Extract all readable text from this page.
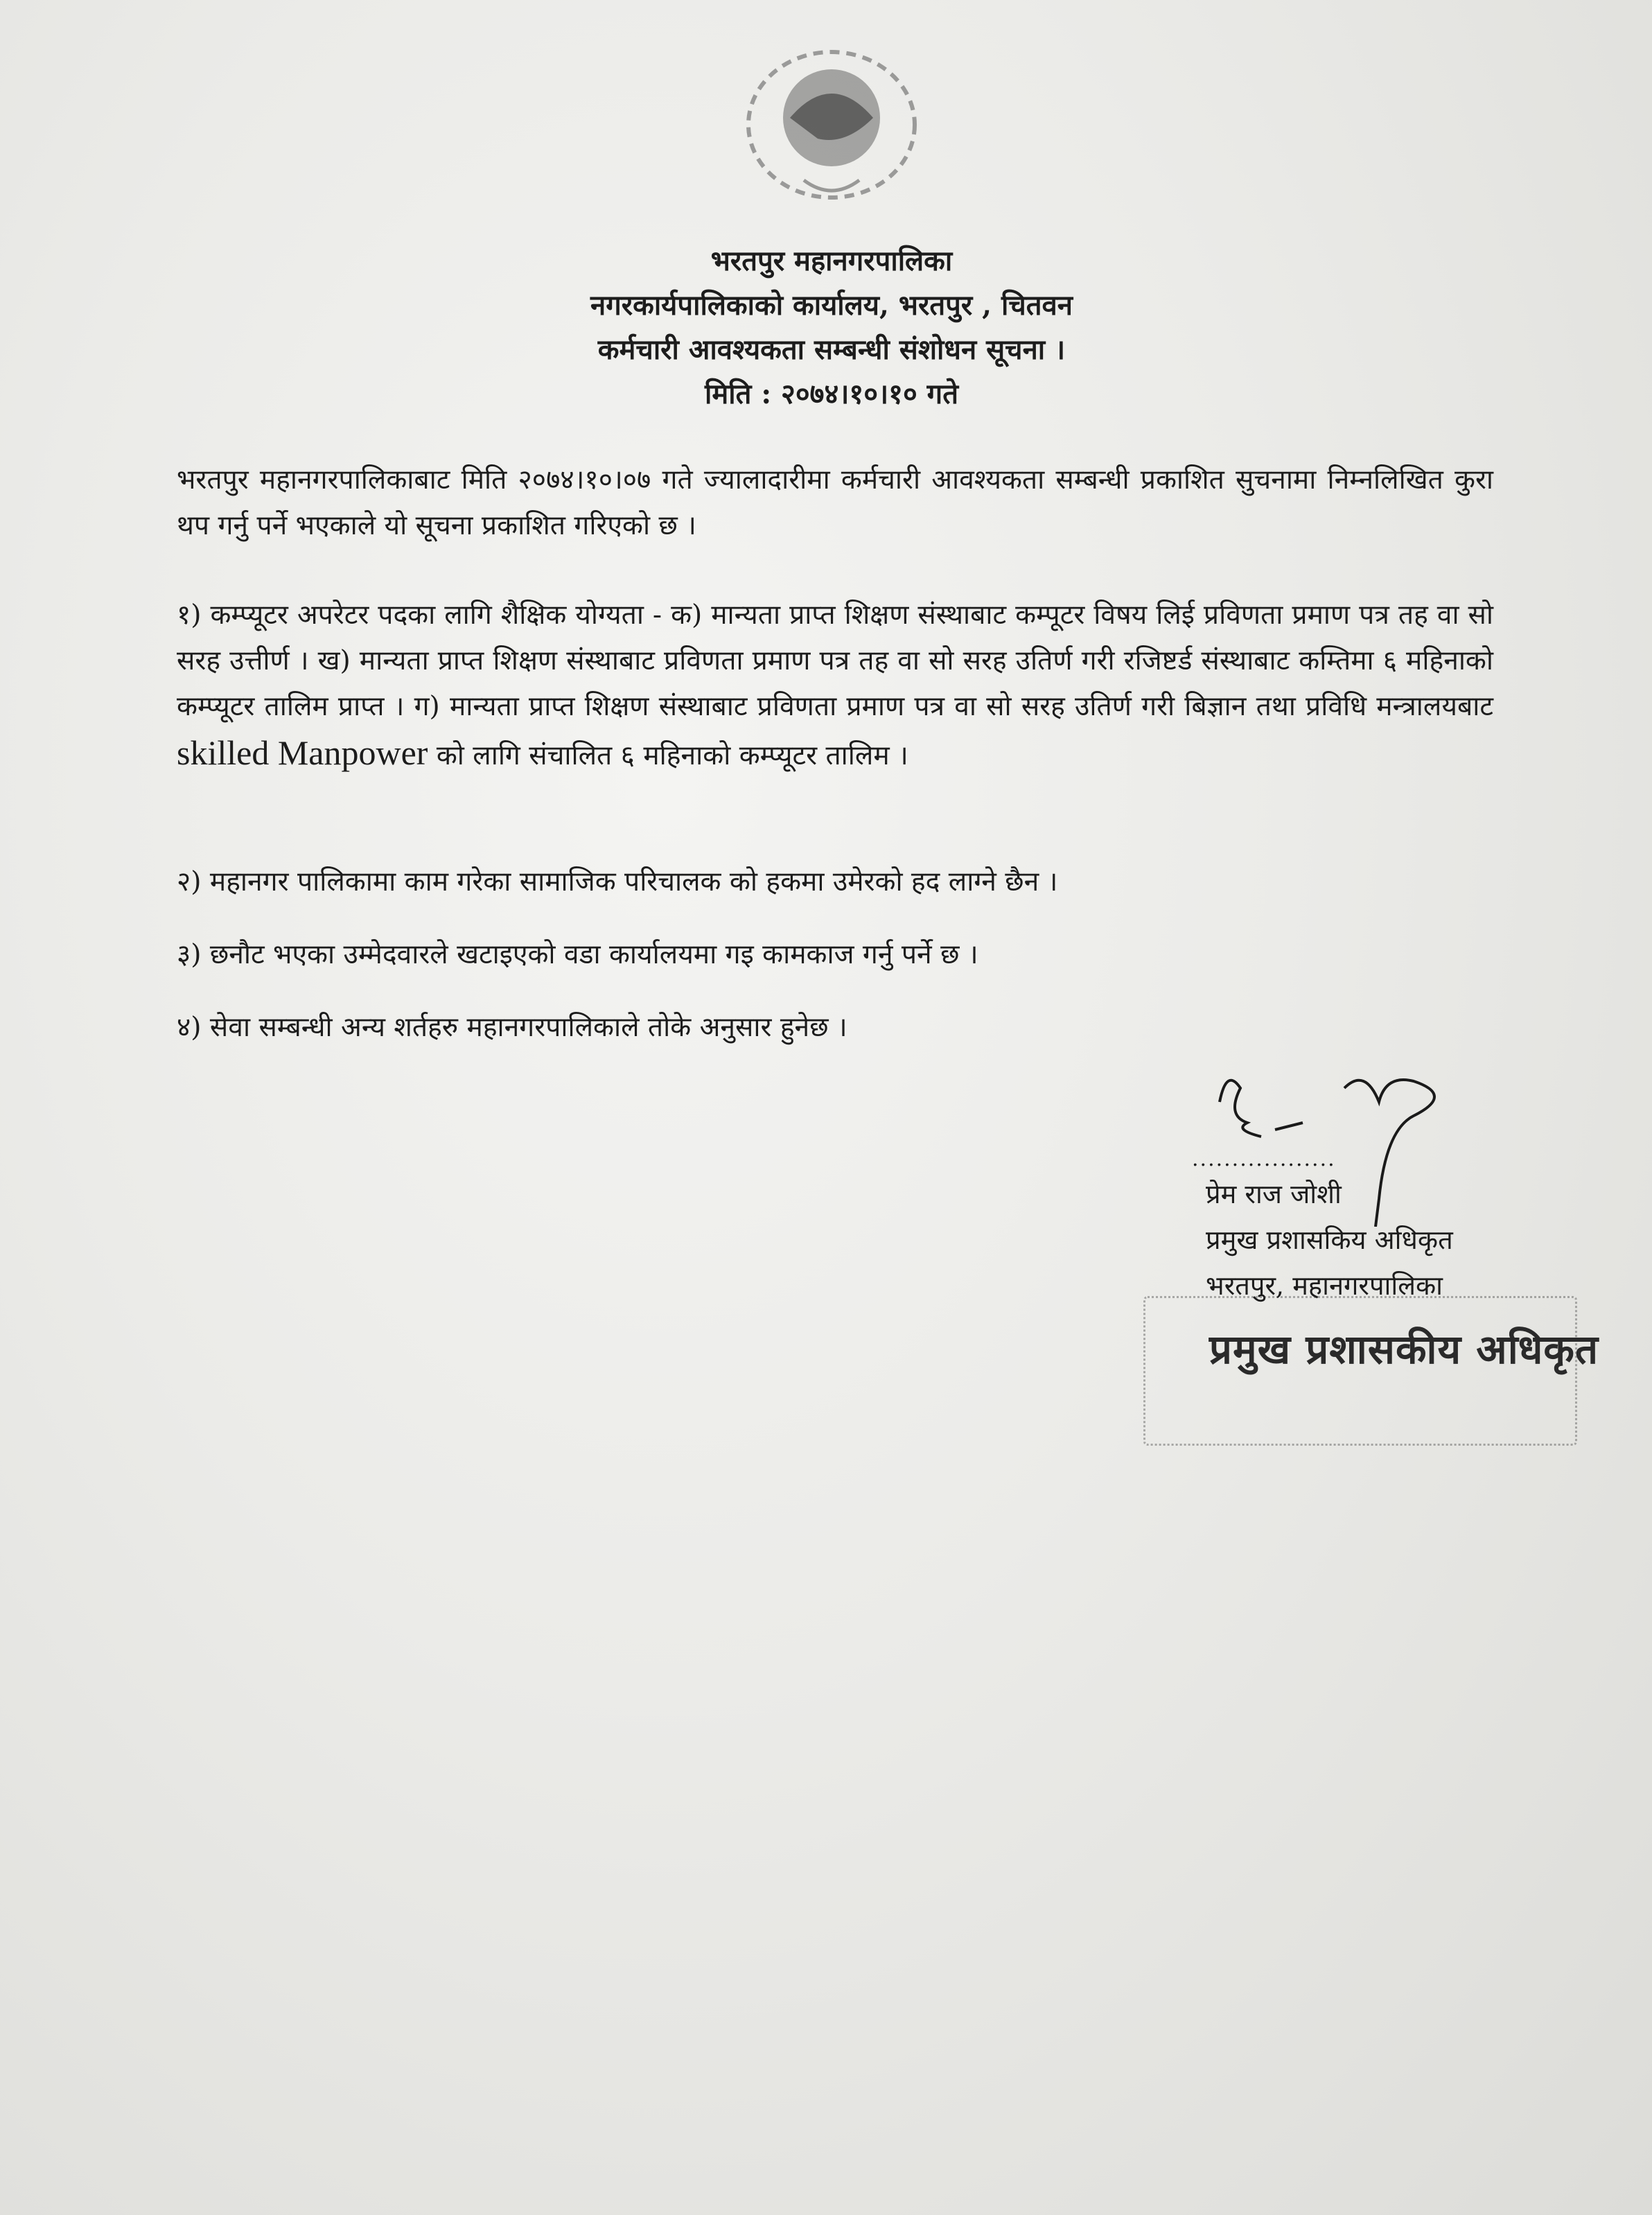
भरतपुर महानगरपालिका
नगरकार्यपालिकाको कार्यालय, भरतपुर , चितवन
कर्मचारी आवश्यकता सम्बन्धी संशोधन सूचना ।
मिति : २०७४।१०।१० गते
भरतपुर महानगरपालिकाबाट मिति २०७४।१०।०७ गते ज्यालादारीमा कर्मचारी आवश्यकता सम्बन्धी प्रकाशित सुचनामा निम्नलिखित कुरा थप गर्नु पर्ने भएकाले यो सूचना प्रकाशित गरिएको छ ।
१) कम्प्यूटर अपरेटर पदका लागि शैक्षिक योग्यता - क) मान्यता प्राप्त शिक्षण संस्थाबाट कम्पूटर विषय लिई प्रविणता प्रमाण पत्र तह वा सो सरह उत्तीर्ण । ख) मान्यता प्राप्त शिक्षण संस्थाबाट प्रविणता प्रमाण पत्र तह वा सो सरह उतिर्ण गरी रजिष्टर्ड संस्थाबाट कम्तिमा ६ महिनाको कम्प्यूटर तालिम प्राप्त । ग) मान्यता प्राप्त शिक्षण संस्थाबाट प्रविणता प्रमाण पत्र वा सो सरह उतिर्ण गरी बिज्ञान तथा प्रविधि मन्त्रालयबाट skilled Manpower को लागि संचालित ६ महिनाको कम्प्यूटर तालिम ।
२) महानगर पालिकामा काम गरेका सामाजिक परिचालक को हकमा उमेरको हद लाग्ने छैन ।
३) छनौट भएका उम्मेदवारले खटाइएको वडा कार्यालयमा गइ कामकाज गर्नु पर्ने छ ।
४) सेवा सम्बन्धी अन्य शर्तहरु महानगरपालिकाले तोके अनुसार हुनेछ ।
..................
प्रेम राज जोशी
प्रमुख प्रशासकिय अधिकृत
भरतपुर, महानगरपालिका
प्रमुख प्रशासकीय अधिकृत
